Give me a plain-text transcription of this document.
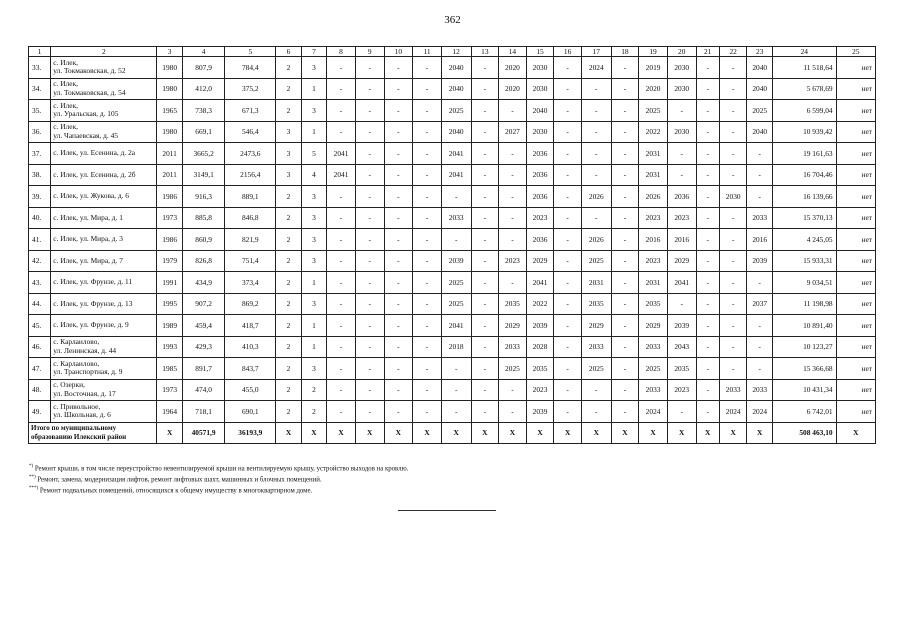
362
1	2	3	4	5	6	7	8	9	10	11	12	13	14	15	16	17	18	19	20	21	22	23	24	25
33.	с. Илек,
ул. Токмаковская, д. 52	1980	807,9	784,4	2	3	-	-	-	-	2040	-	2020	2030	-	2024	-	2019	2030	-	-	2040	11 518,64	нет
34.	с. Илек,
ул. Токмаковская, д. 54	1980	412,0	375,2	2	1	-	-	-	-	2040	-	2020	2030	-	-	-	2020	2030	-	-	2040	5 678,69	нет
35.	с. Илек,
ул. Уральская, д. 105	1965	738,3	671,3	2	3	-	-	-	-	2025	-	-	2040	-	-	-	2025	-	-	-	2025	6 599,04	нет
36.	с. Илек,
ул. Чапаевская, д. 45	1980	669,1	546,4	3	1	-	-	-	-	2040	-	2027	2030	-	-	-	2022	2030	-	-	2040	10 939,42	нет
37.	с. Илек, ул. Есенина, д. 2а	2011	3665,2	2473,6	3	5	2041	-	-	-	2041	-	-	2036	-	-	-	2031	-	-	-	-	19 161,63	нет
38.	с. Илек, ул. Есенина, д. 2б	2011	3149,1	2156,4	3	4	2041	-	-	-	2041	-	-	2036	-	-	-	2031	-	-	-	-	16 704,46	нет
39.	с. Илек, ул. Жукова, д. 6	1986	916,3	889,1	2	3	-	-	-	-	-	-	-	2036	-	2026	-	2026	2036	-	2030	-	16 139,66	нет
40.	с. Илек, ул. Мира, д. 1	1973	885,8	846,8	2	3	-	-	-	-	2033	-	-	2023	-	-	-	2023	2023	-	-	2033	15 370,13	нет
41.	с. Илек, ул. Мира, д. 3	1986	860,9	821,9	2	3	-	-	-	-	-	-	-	2036	-	2026	-	2016	2016	-	-	2016	4 245,05	нет
42.	с. Илек, ул. Мира, д. 7	1979	826,8	751,4	2	3	-	-	-	-	2039	-	2023	2029	-	2025	-	2023	2029	-	-	2039	15 933,31	нет
43.	с. Илек, ул. Фрунзе, д. 11	1991	434,9	373,4	2	1	-	-	-	-	2025	-	-	2041	-	2031	-	2031	2041	-	-	-	9 034,51	нет
44.	с. Илек, ул. Фрунзе, д. 13	1995	907,2	869,2	2	3	-	-	-	-	2025	-	2035	2022	-	2035	-	2035	-	-	-	2037	11 198,98	нет
45.	с. Илек, ул. Фрунзе, д. 9	1989	459,4	418,7	2	1	-	-	-	-	2041	-	2029	2039	-	2029	-	2029	2039	-	-	-	10 891,40	нет
46.	с. Карлаилово,
ул. Ленинская, д. 44	1993	429,3	410,3	2	1	-	-	-	-	2018	-	2033	2028	-	2033	-	2033	2043	-	-	-	10 123,27	нет
47.	с. Карлаилово,
ул. Транспортная, д. 9	1985	891,7	843,7	2	3	-	-	-	-	-	-	2025	2035	-	2025	-	2025	2035	-	-	-	15 366,68	нет
48.	с. Озерки,
ул. Восточная, д. 17	1973	474,0	455,0	2	2	-	-	-	-	-	-	-	2023	-	-	-	2033	2023	-	2033	2033	10 431,34	нет
49.	с. Привольное,
ул. Школьная, д. 6	1964	718,1	690,1	2	2	-	-	-	-	-	-	-	2039	-	-	-	2024	-	-	2024	2024	6 742,01	нет

Итого по муниципальному
образованию Илекский район		X	40571,9	36193,9	X	X	X	X	X	X	X	X	X	X	X	X	X	X	X	X	X	X	508 463,10	X
*) Ремонт крыши, в том числе переустройство невентилируемой крыши на вентилируемую крышу, устройство выходов на кровлю.
**) Ремонт, замена, модернизация лифтов, ремонт лифтовых шахт, машинных и блочных помещений.
***) Ремонт подвальных помещений, относящихся к общему имуществу в многоквартирном доме.
